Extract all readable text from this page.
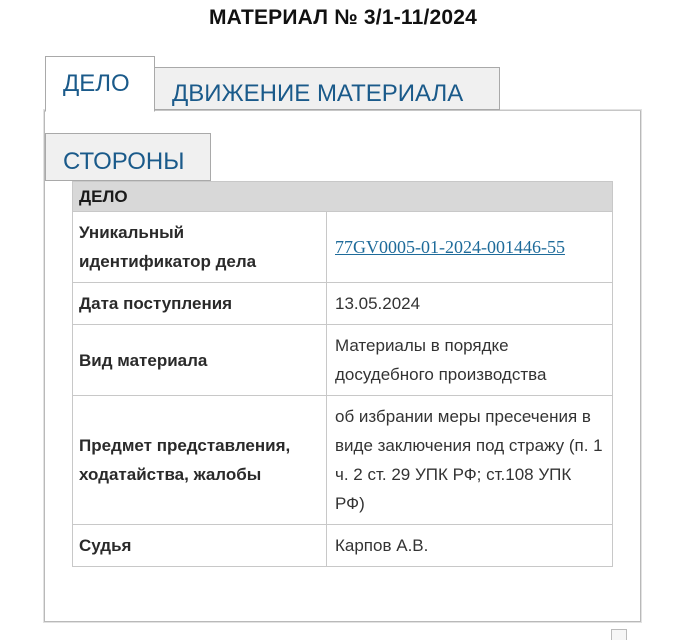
МАТЕРИАЛ № 3/1-11/2024
ДЕЛО	ДВИЖЕНИЕ МАТЕРИАЛА
СТОРОНЫ
ДЕЛО	
Уникальный идентификатор дела	77GV0005-01-2024-001446-55
Дата поступления	13.05.2024
Вид материала	Материалы в порядке досудебного производства
Предмет представления, ходатайства, жалобы	об избрании меры пресечения в виде заключения под стражу (п. 1 ч. 2 ст. 29 УПК РФ; ст.108 УПК РФ)
Судья	Карпов А.В.
